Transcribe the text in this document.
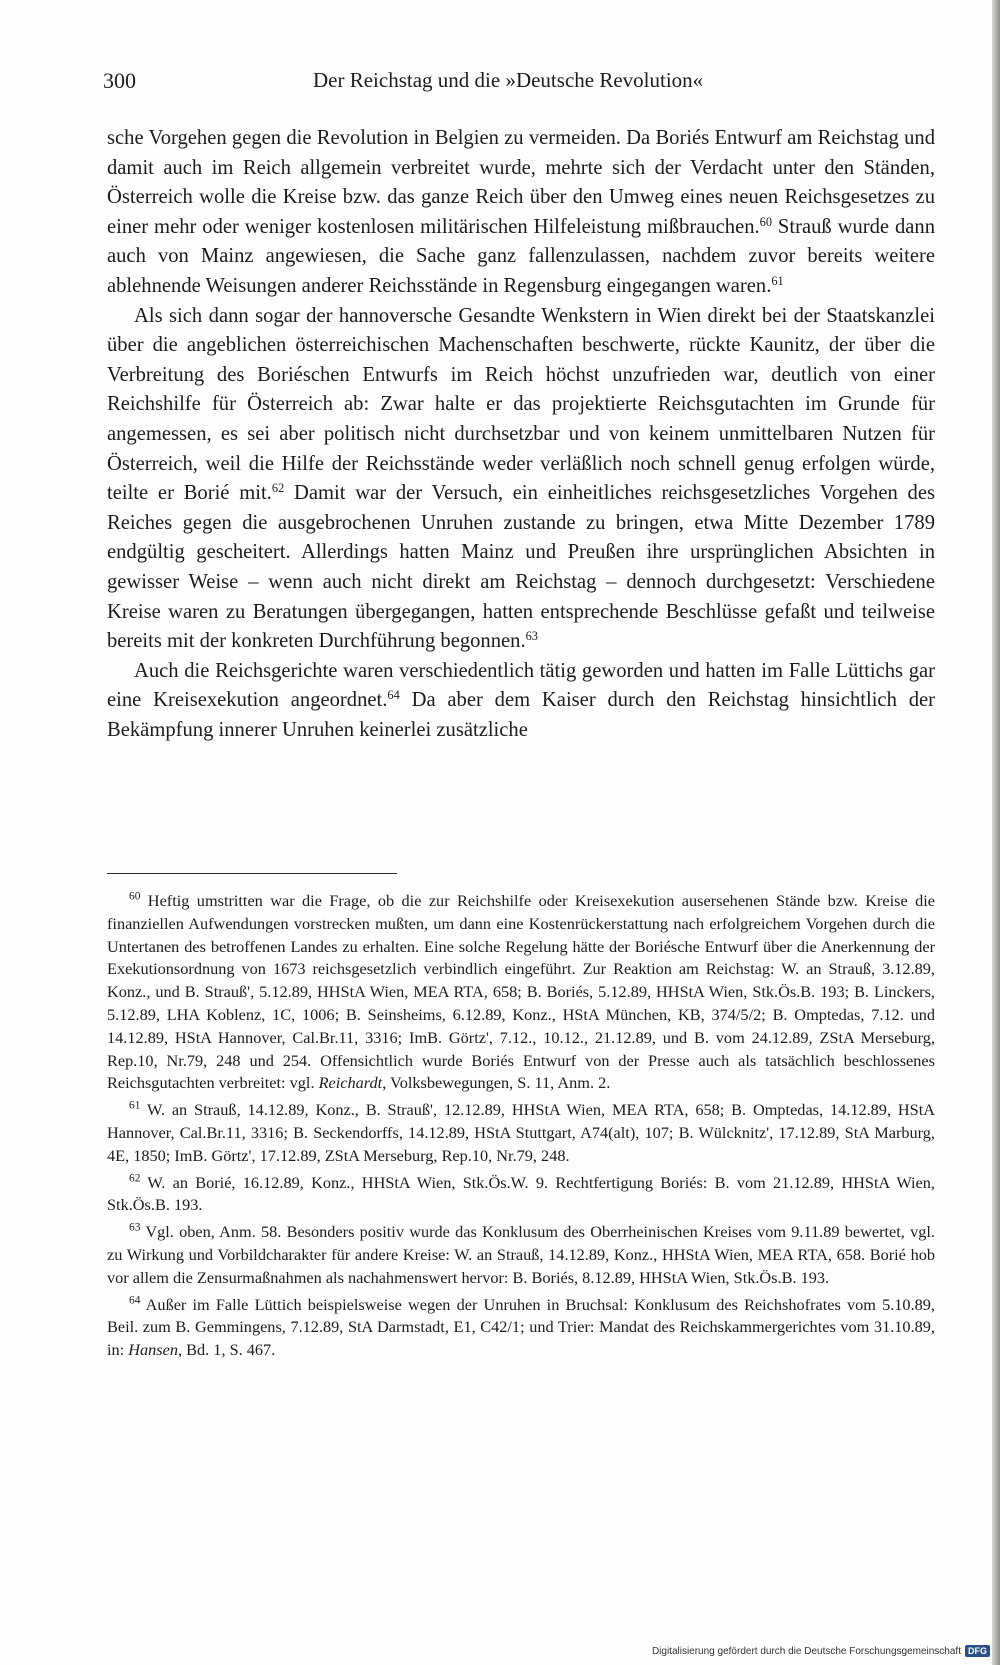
300	Der Reichstag und die »Deutsche Revolution«

sche Vorgehen gegen die Revolution in Belgien zu vermeiden. Da Boriés Entwurf am Reichstag und damit auch im Reich allgemein verbreitet wurde, mehrte sich der Verdacht unter den Ständen, Österreich wolle die Kreise bzw. das ganze Reich über den Umweg eines neuen Reichsgesetzes zu einer mehr oder weniger kostenlosen militärischen Hilfeleistung mißbrauchen.$^{60}$ Strauß wurde dann auch von Mainz angewiesen, die Sache ganz fallenzulassen, nachdem zuvor bereits weitere ablehnende Weisungen anderer Reichsstände in Regensburg eingegangen waren.$^{61}$

Als sich dann sogar der hannoversche Gesandte Wenkstern in Wien direkt bei der Staatskanzlei über die angeblichen österreichischen Machenschaften beschwerte, rückte Kaunitz, der über die Verbreitung des Boriéschen Entwurfs im Reich höchst unzufrieden war, deutlich von einer Reichshilfe für Österreich ab: Zwar halte er das projektierte Reichsgutachten im Grunde für angemessen, es sei aber politisch nicht durchsetzbar und von keinem unmittelbaren Nutzen für Österreich, weil die Hilfe der Reichsstände weder verläßlich noch schnell genug erfolgen würde, teilte er Borié mit.$^{62}$ Damit war der Versuch, ein einheitliches reichsgesetzliches Vorgehen des Reiches gegen die ausgebrochenen Unruhen zustande zu bringen, etwa Mitte Dezember 1789 endgültig gescheitert. Allerdings hatten Mainz und Preußen ihre ursprünglichen Absichten in gewisser Weise – wenn auch nicht direkt am Reichstag – dennoch durchgesetzt: Verschiedene Kreise waren zu Beratungen übergegangen, hatten entsprechende Beschlüsse gefaßt und teilweise bereits mit der konkreten Durchführung begonnen.$^{63}$

Auch die Reichsgerichte waren verschiedentlich tätig geworden und hatten im Falle Lüttichs gar eine Kreisexekution angeordnet.$^{64}$ Da aber dem Kaiser durch den Reichstag hinsichtlich der Bekämpfung innerer Unruhen keinerlei zusätzliche

$^{60}$ Heftig umstritten war die Frage, ob die zur Reichshilfe oder Kreisexekution ausersehenen Stände bzw. Kreise die finanziellen Aufwendungen vorstrecken mußten, um dann eine Kostenrückerstattung nach erfolgreichem Vorgehen durch die Untertanen des betroffenen Landes zu erhalten. Eine solche Regelung hätte der Boriésche Entwurf über die Anerkennung der Exekutionsordnung von 1673 reichsgesetzlich verbindlich eingeführt. Zur Reaktion am Reichstag: W. an Strauß, 3.12.89, Konz., und B. Strauß', 5.12.89, HHStA Wien, MEA RTA, 658; B. Boriés, 5.12.89, HHStA Wien, Stk.Ös.B. 193; B. Linckers, 5.12.89, LHA Koblenz, 1C, 1006; B. Seinsheims, 6.12.89, Konz., HStA München, KB, 374/5/2; B. Omptedas, 7.12. und 14.12.89, HStA Hannover, Cal.Br.11, 3316; ImB. Görtz', 7.12., 10.12., 21.12.89, und B. vom 24.12.89, ZStA Merseburg, Rep.10, Nr.79, 248 und 254. Offensichtlich wurde Boriés Entwurf von der Presse auch als tatsächlich beschlossenes Reichsgutachten verbreitet: vgl. Reichardt, Volksbewegungen, S. 11, Anm. 2.

$^{61}$ W. an Strauß, 14.12.89, Konz., B. Strauß', 12.12.89, HHStA Wien, MEA RTA, 658; B. Omptedas, 14.12.89, HStA Hannover, Cal.Br.11, 3316; B. Seckendorffs, 14.12.89, HStA Stuttgart, A74(alt), 107; B. Wülcknitz', 17.12.89, StA Marburg, 4E, 1850; ImB. Görtz', 17.12.89, ZStA Merseburg, Rep.10, Nr.79, 248.

$^{62}$ W. an Borié, 16.12.89, Konz., HHStA Wien, Stk.Ös.W. 9. Rechtfertigung Boriés: B. vom 21.12.89, HHStA Wien, Stk.Ös.B. 193.

$^{63}$ Vgl. oben, Anm. 58. Besonders positiv wurde das Konklusum des Oberrheinischen Kreises vom 9.11.89 bewertet, vgl. zu Wirkung und Vorbildcharakter für andere Kreise: W. an Strauß, 14.12.89, Konz., HHStA Wien, MEA RTA, 658. Borié hob vor allem die Zensurmaßnahmen als nachahmenswert hervor: B. Boriés, 8.12.89, HHStA Wien, Stk.Ös.B. 193.

$^{64}$ Außer im Falle Lüttich beispielsweise wegen der Unruhen in Bruchsal: Konklusum des Reichshofrates vom 5.10.89, Beil. zum B. Gemmingens, 7.12.89, StA Darmstadt, E1, C42/1; und Trier: Mandat des Reichskammergerichtes vom 31.10.89, in: Hansen, Bd. 1, S. 467.

Digitalisierung gefördert durch die Deutsche Forschungsgemeinschaft DFG
